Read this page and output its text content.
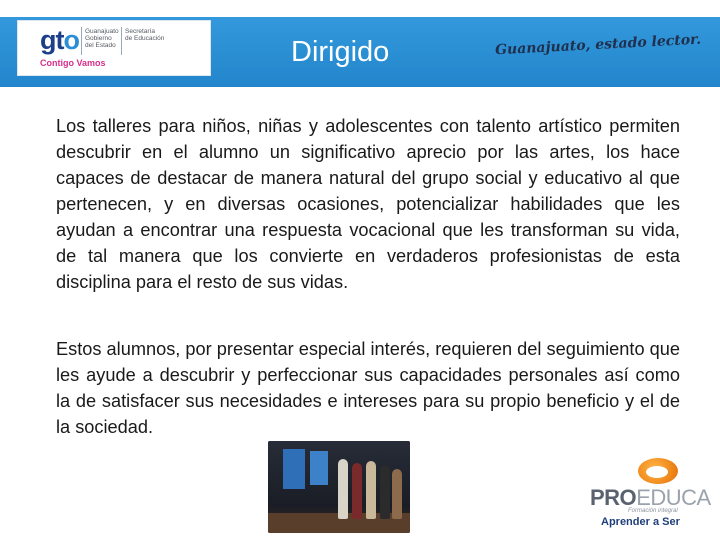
gto Guanajuato
Gobierno
del Estado
Secretaría
de Educación
Contigo Vamos	Dirigido	Guanajuato, estado lector.

Los talleres para niños, niñas y adolescentes con talento artístico permiten descubrir en el alumno un significativo aprecio por las artes, los hace capaces de destacar de manera natural del grupo social y educativo al que pertenecen, y en diversas ocasiones, potencializar habilidades que les ayudan a encontrar una respuesta vocacional que les transforman su vida, de tal manera que los convierte en verdaderos profesionistas de esta disciplina para el resto de sus vidas.

Estos alumnos, por presentar especial interés, requieren del seguimiento que les ayude a descubrir y perfeccionar sus capacidades personales así como la de satisfacer sus necesidades e intereses para su propio beneficio y el de la sociedad.

PROEDUCA
Formación integral
Aprender a Ser
